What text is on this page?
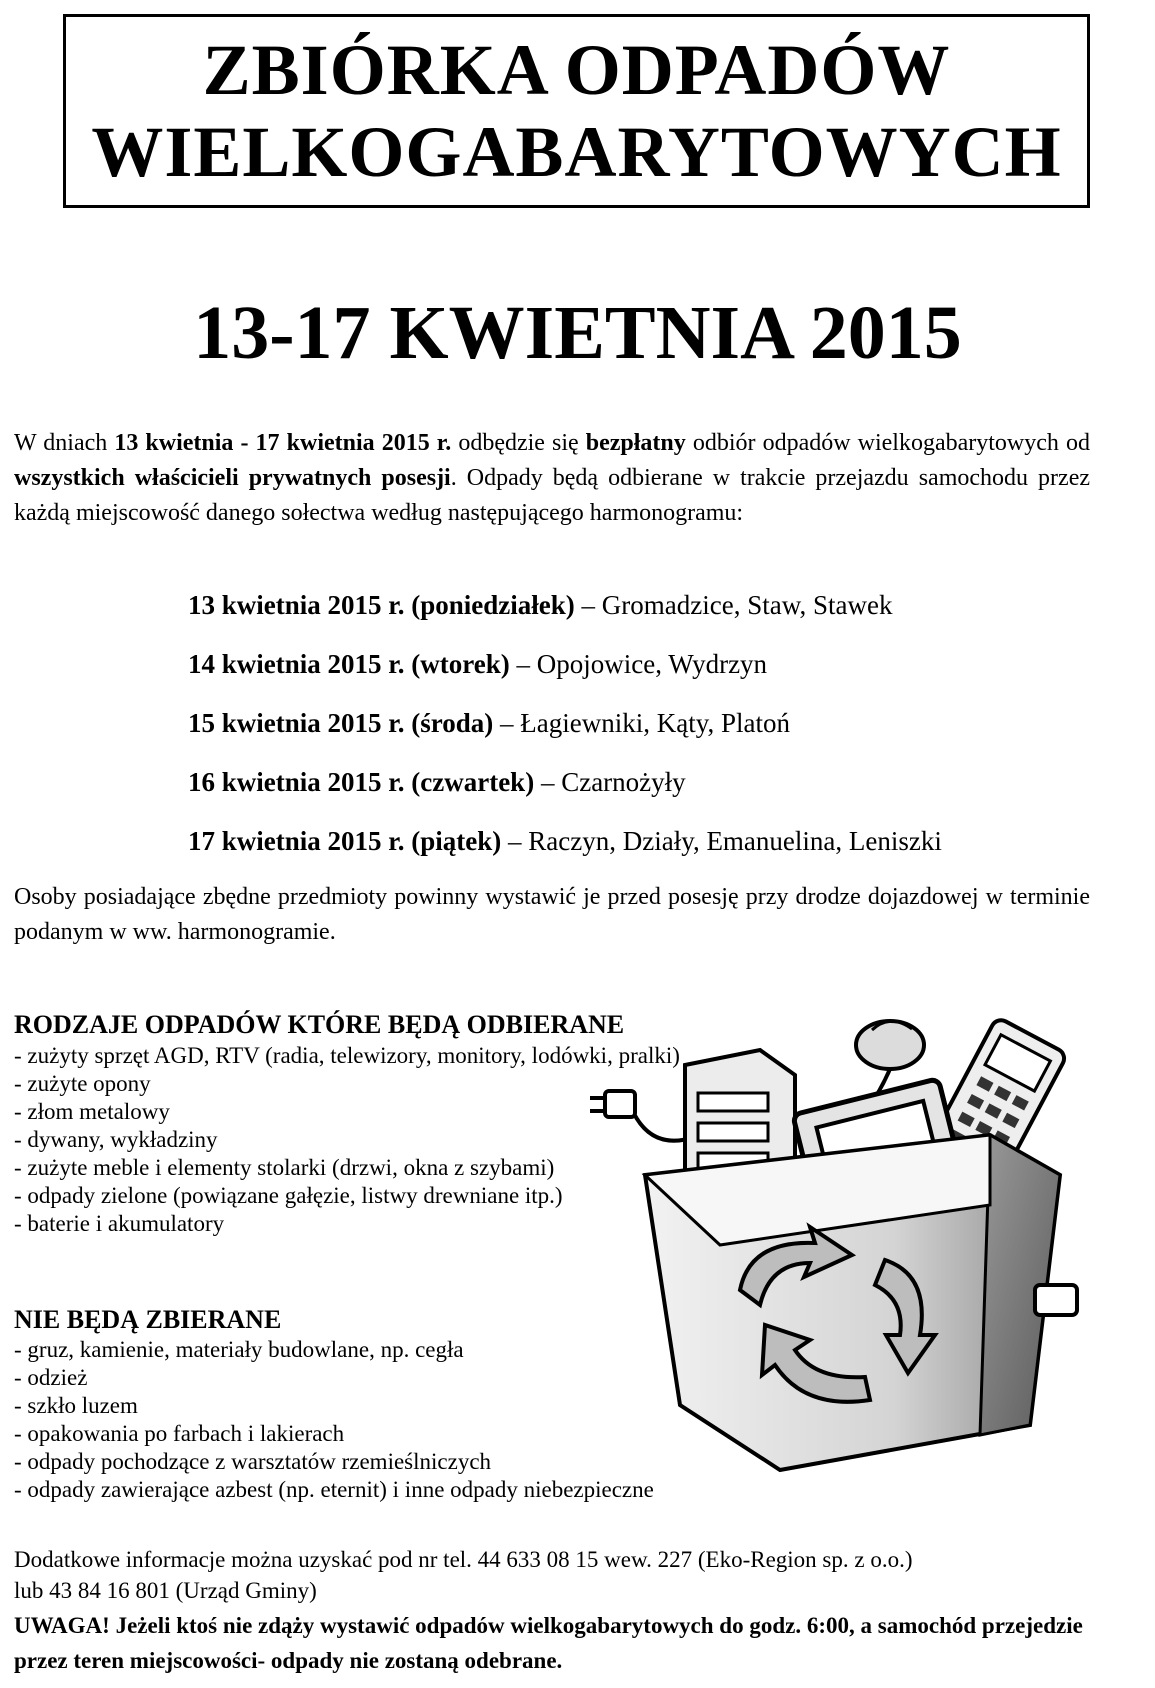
ZBIÓRKA ODPADÓW
WIELKOGABARYTOWYCH
13-17 KWIETNIA 2015

W dniach 13 kwietnia - 17 kwietnia 2015 r. odbędzie się bezpłatny odbiór odpadów wielkogabarytowych od wszystkich właścicieli prywatnych posesji. Odpady będą odbierane w trakcie przejazdu samochodu przez każdą miejscowość danego sołectwa według następującego harmonogramu:

13 kwietnia 2015 r. (poniedziałek) – Gromadzice, Staw, Stawek
14 kwietnia 2015 r. (wtorek) – Opojowice, Wydrzyn
15 kwietnia 2015 r. (środa) – Łagiewniki, Kąty, Platoń
16 kwietnia 2015 r. (czwartek) – Czarnożyły
17 kwietnia 2015 r. (piątek) – Raczyn, Działy, Emanuelina, Leniszki

Osoby posiadające zbędne przedmioty powinny wystawić je przed posesję przy drodze dojazdowej w terminie podanym w ww. harmonogramie.

RODZAJE ODPADÓW KTÓRE BĘDĄ ODBIERANE
- zużyty sprzęt AGD, RTV (radia, telewizory, monitory, lodówki, pralki)
- zużyte opony
- złom metalowy
- dywany, wykładziny
- zużyte meble i elementy stolarki (drzwi, okna z szybami)
- odpady zielone (powiązane gałęzie, listwy drewniane itp.)
- baterie i akumulatory
NIE BĘDĄ ZBIERANE
- gruz, kamienie, materiały budowlane, np. cegła
- odzież
- szkło luzem
- opakowania po farbach i lakierach
- odpady pochodzące z warsztatów rzemieślniczych
- odpady zawierające azbest (np. eternit) i inne odpady niebezpieczne

Dodatkowe informacje można uzyskać pod nr tel. 44 633 08 15 wew. 227 (Eko-Region sp. z o.o.)

lub 43 84 16 801 (Urząd Gminy)

UWAGA! Jeżeli ktoś nie zdąży wystawić odpadów wielkogabarytowych do godz. 6:00, a samochód przejedzie przez teren miejscowości- odpady nie zostaną odebrane.
